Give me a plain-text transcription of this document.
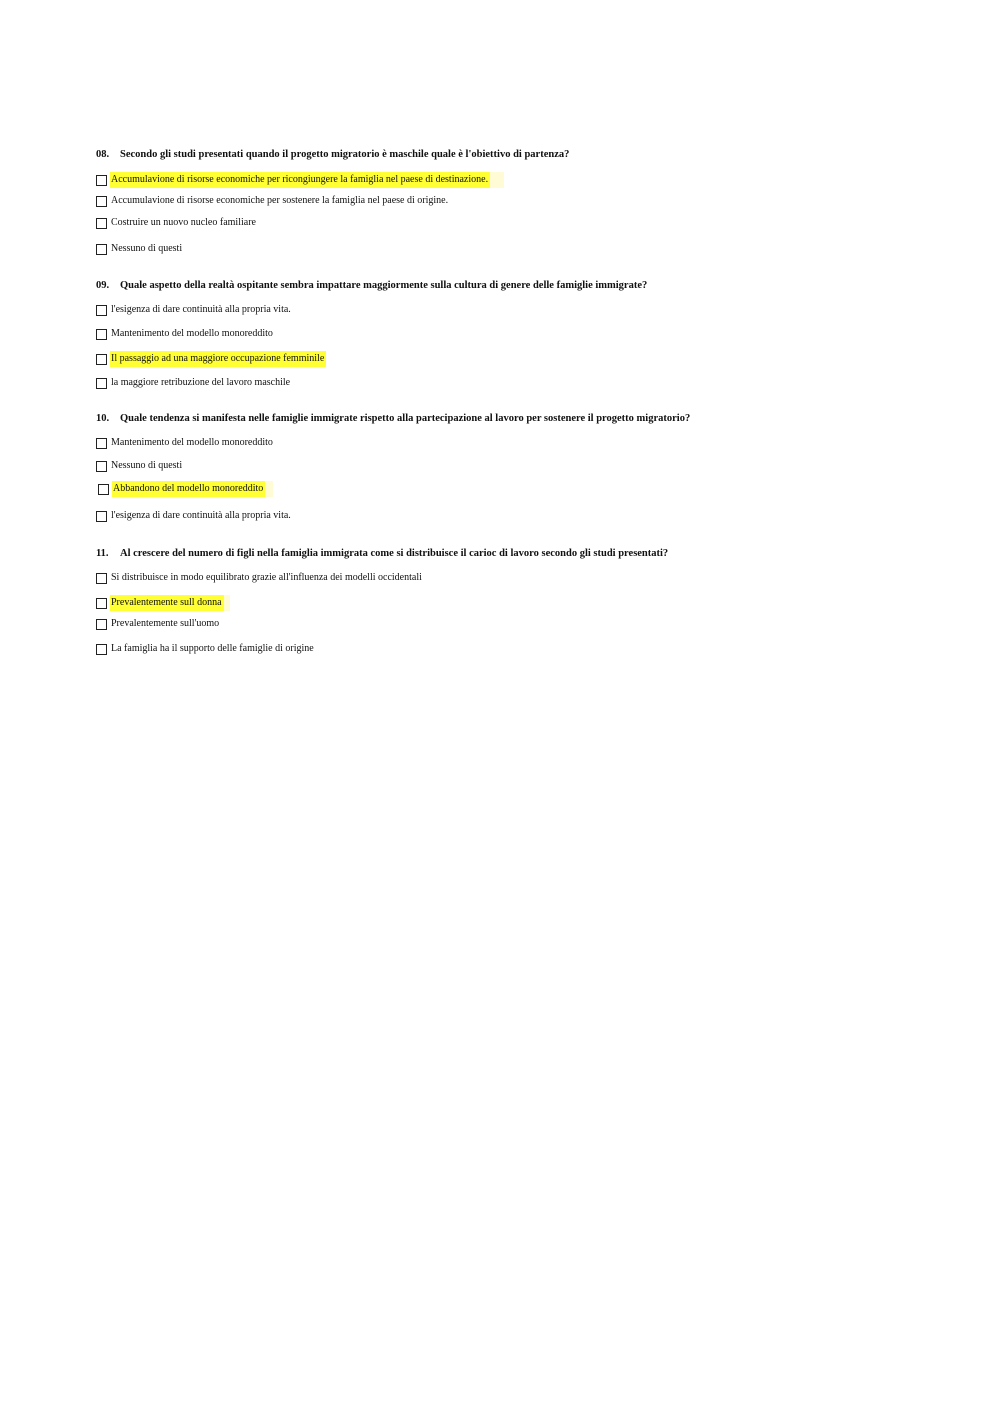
08. Secondo gli studi presentati quando il progetto migratorio è maschile quale è l'obiettivo di partenza?

Accumulavione di risorse economiche per ricongiungere la famiglia nel paese di destinazione.
Accumulavione di risorse economiche per sostenere la famiglia nel paese di origine.
Costruire un nuovo nucleo familiare
Nessuno di questi

09. Quale aspetto della realtà ospitante sembra impattare maggiormente sulla cultura di genere delle famiglie immigrate?

l'esigenza di dare continuità alla propria vita.
Mantenimento del modello monoreddito
Il passaggio ad una maggiore occupazione femminile
la maggiore retribuzione del lavoro maschile

10. Quale tendenza si manifesta nelle famiglie immigrate rispetto alla partecipazione al lavoro per sostenere il progetto migratorio?

Mantenimento del modello monoreddito
Nessuno di questi
Abbandono del modello monoreddito
l'esigenza di dare continuità alla propria vita.

11. Al crescere del numero di figli nella famiglia immigrata come si distribuisce il carioc di lavoro secondo gli studi presentati?

Si distribuisce in modo equilibrato grazie all'influenza dei modelli occidentali
Prevalentemente sull donna
Prevalentemente sull'uomo
La famiglia ha il supporto delle famiglie di origine
